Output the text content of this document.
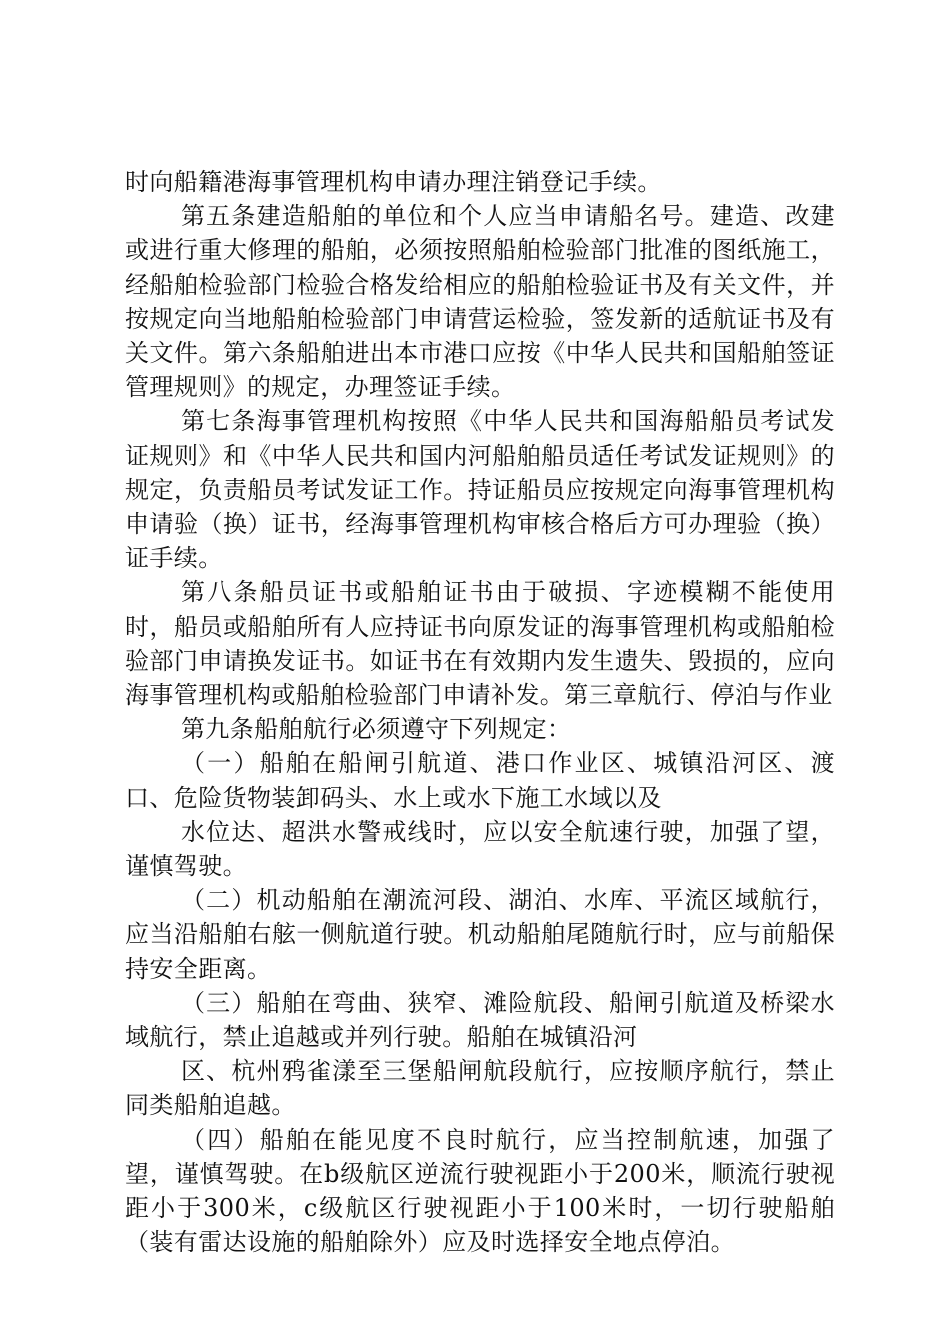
时向船籍港海事管理机构申请办理注销登记手续。

第五条建造船舶的单位和个人应当申请船名号。建造、改建或进行重大修理的船舶，必须按照船舶检验部门批准的图纸施工，经船舶检验部门检验合格发给相应的船舶检验证书及有关文件，并按规定向当地船舶检验部门申请营运检验，签发新的适航证书及有关文件。第六条船舶进出本市港口应按《中华人民共和国船舶签证管理规则》的规定，办理签证手续。

第七条海事管理机构按照《中华人民共和国海船船员考试发证规则》和《中华人民共和国内河船舶船员适任考试发证规则》的规定，负责船员考试发证工作。持证船员应按规定向海事管理机构申请验（换）证书，经海事管理机构审核合格后方可办理验（换）证手续。

第八条船员证书或船舶证书由于破损、字迹模糊不能使用时，船员或船舶所有人应持证书向原发证的海事管理机构或船舶检验部门申请换发证书。如证书在有效期内发生遗失、毁损的，应向海事管理机构或船舶检验部门申请补发。第三章航行、停泊与作业

第九条船舶航行必须遵守下列规定：

（一）船舶在船闸引航道、港口作业区、城镇沿河区、渡口、危险货物装卸码头、水上或水下施工水域以及

水位达、超洪水警戒线时，应以安全航速行驶，加强了望，谨慎驾驶。

（二）机动船舶在潮流河段、湖泊、水库、平流区域航行，应当沿船舶右舷一侧航道行驶。机动船舶尾随航行时，应与前船保持安全距离。

（三）船舶在弯曲、狭窄、滩险航段、船闸引航道及桥梁水域航行，禁止追越或并列行驶。船舶在城镇沿河

区、杭州鸦雀漾至三堡船闸航段航行，应按顺序航行，禁止同类船舶追越。

（四）船舶在能见度不良时航行，应当控制航速，加强了望，谨慎驾驶。在b级航区逆流行驶视距小于200米，顺流行驶视距小于300米，c级航区行驶视距小于100米时，一切行驶船舶（装有雷达设施的船舶除外）应及时选择安全地点停泊。
